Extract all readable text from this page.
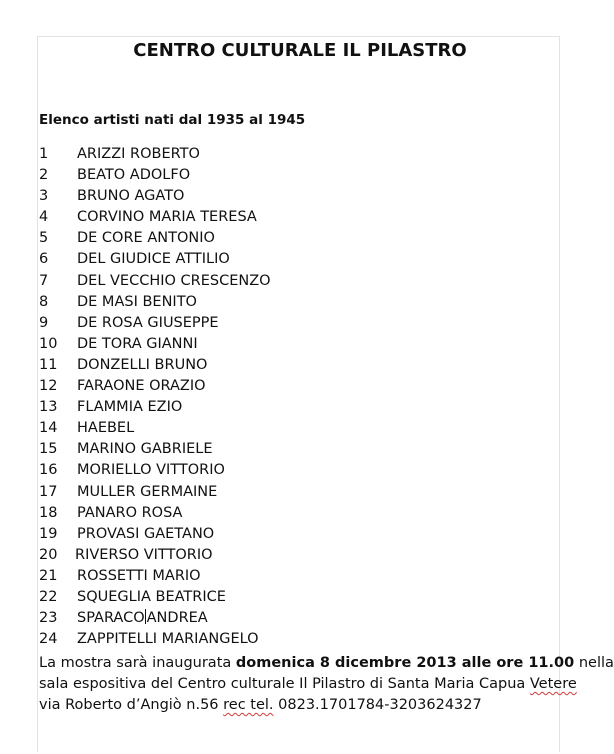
CENTRO CULTURALE IL PILASTRO
Elenco artisti nati dal 1935 al 1945
1 ARIZZI ROBERTO
2 BEATO ADOLFO
3 BRUNO AGATO
4 CORVINO MARIA TERESA
5 DE CORE ANTONIO
6 DEL GIUDICE ATTILIO
7 DEL VECCHIO CRESCENZO
8 DE MASI BENITO
9 DE ROSA GIUSEPPE
10 DE TORA GIANNI
11 DONZELLI BRUNO
12 FARAONE ORAZIO
13 FLAMMIA EZIO
14 HAEBEL
15 MARINO GABRIELE
16 MORIELLO VITTORIO
17 MULLER GERMAINE
18 PANARO ROSA
19 PROVASI GAETANO
20 RIVERSO VITTORIO
21 ROSSETTI MARIO
22 SQUEGLIA BEATRICE
23 SPARACO ANDREA
24 ZAPPITELLI MARIANGELO
La mostra sarà inaugurata domenica 8 dicembre 2013 alle ore 11.00 nella
sala espositiva del Centro culturale Il Pilastro di Santa Maria Capua Vetere
via Roberto d’Angiò n.56 rec tel. 0823.1701784-3203624327
